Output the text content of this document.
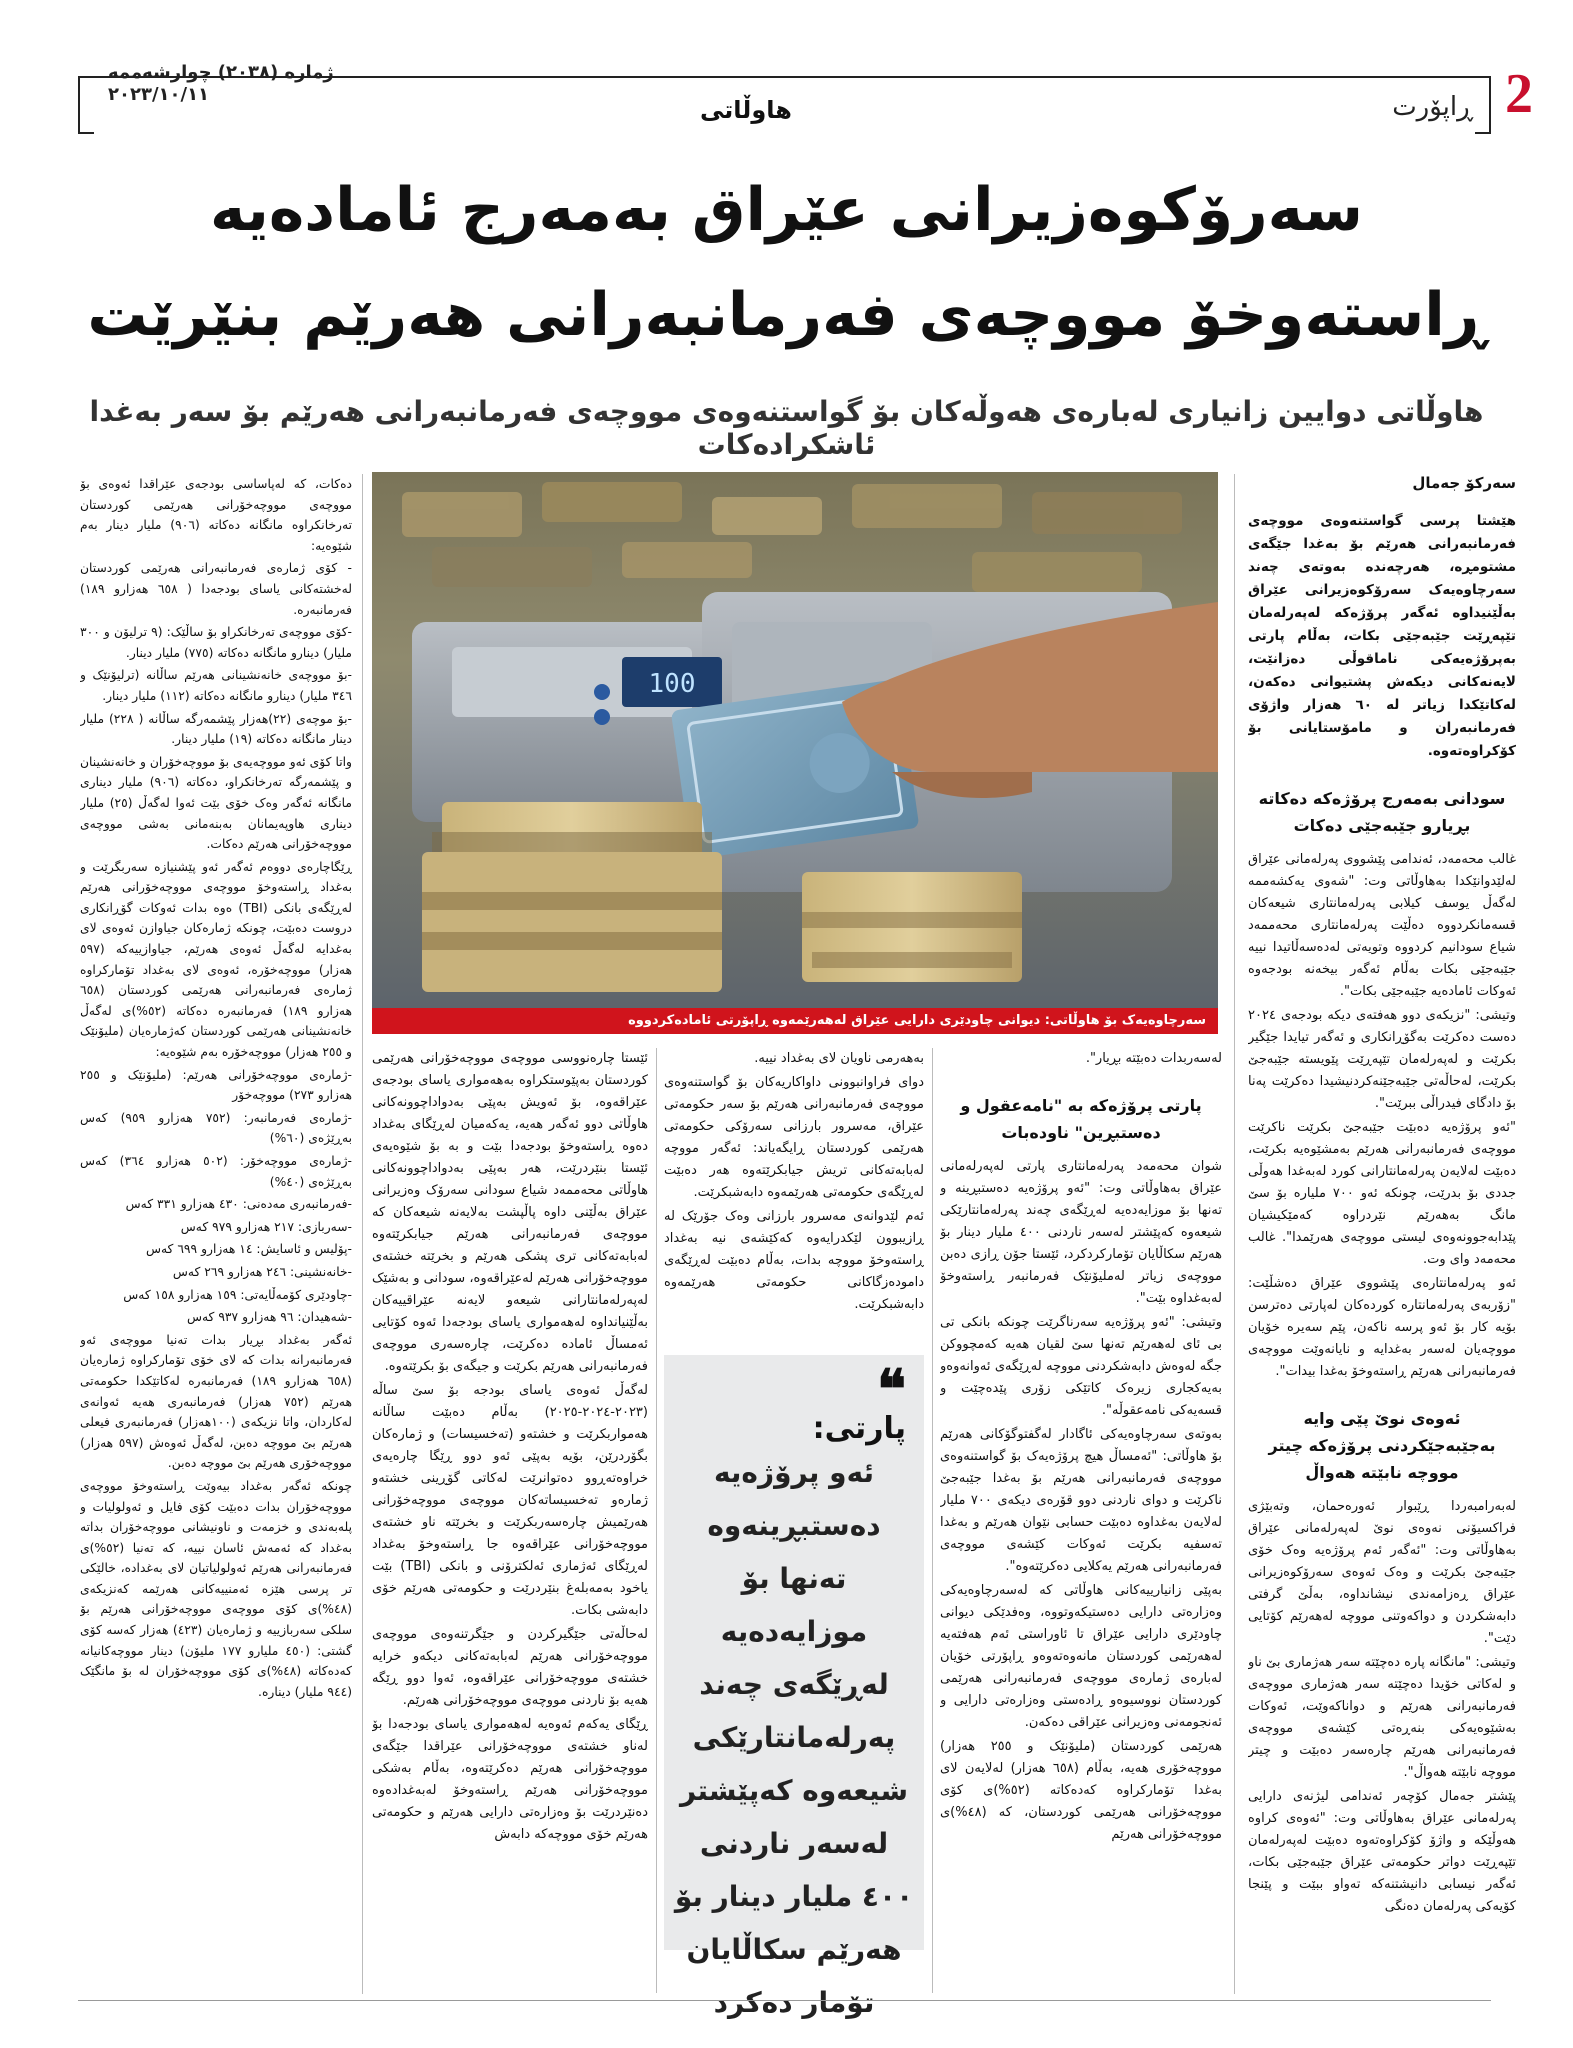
2
ڕاپۆرت
هاوڵاتی
ژمارە (٢٠٣٨) چوارشەممە
٢٠٢٣/١٠/١١
سەرۆکوەزیرانی عێراق بەمەرج ئامادەیە
ڕاستەوخۆ مووچەی فەرمانبەرانی هەرێم بنێرێت
هاوڵاتی دوایین زانیاری لەبارەی هەوڵەکان بۆ گواستنەوەی مووچەی فەرمانبەرانی هەرێم بۆ سەر بەغدا ئاشکرادەکات
100
سەرچاوەیەک بۆ هاوڵاتی: دیوانی چاودێری دارایی عێراق لەهەرێمەوە ڕاپۆرتی ئامادەکردووە
سەرکۆ جەمال

هێشتا پرسی گواستنەوەی مووچەی فەرمانبەرانی هەرێم بۆ بەغدا جێگەی مشتومڕە، هەرچەندە بەوتەی چەند سەرچاوەیەک سەرۆکوەزیرانی عێراق بەڵێنیداوە ئەگەر پرۆژەکە لەپەرلەمان تێپەڕێت جێبەجێی بکات، بەڵام پارتی بەپرۆژەیەکی ناماقوڵی دەزانێت، لایەنەکانی دیکەش پشتیوانی دەکەن، لەکاتێکدا زیاتر لە ٦٠ هەزار واژۆی فەرمانبەران و مامۆستایانی بۆ کۆکراوەتەوە.

سودانی بەمەرج پرۆژەکە دەکاتە بڕیارو جێبەجێی دەکات

غالب محەمەد، ئەندامی پێشووی پەرلەمانی عێراق لەلێدوانێکدا بەهاوڵاتی وت: "شەوی یەکشەممە لەگەڵ یوسف کیلابی پەرلەمانتاری شیعەکان قسەمانکردووە دەڵێت پەرلەمانتاری محەممەد شیاع سودانیم کردووە وتویەتی لەدەسەڵاتیدا نییە جێبەجێی بکات بەڵام ئەگەر بیخەنە بودجەوە ئەوکات ئامادەیە جێبەجێی بکات".

وتیشی: "نزیکەی دوو هەفتەی دیکە بودجەی ٢٠٢٤ دەست دەکرێت بەگۆڕانکاری و ئەگەر تیایدا جێگیر بکرێت و لەپەرلەمان تێپەڕێت پێویستە جێبەجێ بکرێت، لەحاڵەتی جێبەجێنەکردنیشیدا دەکرێت پەنا بۆ دادگای فیدراڵی ببرێت".

"ئەو پرۆژەیە دەبێت جێبەجێ بکرێت ناکرێت مووچەی فەرمانبەرانی هەرێم بەمشێوەیە بکرێت، دەبێت لەلایەن پەرلەمانتارانی کورد لەبەغدا هەوڵی جددی بۆ بدرێت، چونکە ئەو ٧٠٠ ملیارە بۆ سێ مانگ بەهەرێم نێردراوە کەمێکیشیان پێدابەجوونەوەی لیستی مووچەی هەرێمدا". غالب محەمەد وای وت.

ئەو پەرلەمانتارەی پێشووی عێراق دەشڵێت: "زۆربەی پەرلەمانتارە کوردەکان لەپارتی دەترسن بۆیە کار بۆ ئەو پرسە ناکەن، پێم سەیرە خۆیان مووچەیان لەسەر بەغدایە و نایانەوێت مووچەی فەرمانبەرانی هەرێم ڕاستەوخۆ بەغدا بیدات".

ئەوەی نوێ پێی وایە بەجێبەجێکردنی پرۆژەکە چیتر مووچە نابێتە هەواڵ

لەبەرامبەردا ڕێبوار ئەورەحمان، وتەبێژی فراکسیۆنی نەوەی نوێ لەپەرلەمانی عێراق بەهاوڵاتی وت: "ئەگەر ئەم پرۆژەیە وەک خۆی جێبەجێ بکرێت و وەک ئەوەی سەرۆکوەزیرانی عێراق ڕەزامەندی نیشانداوە، بەڵێ گرفتی دابەشکردن و دواکەوتنی مووچە لەهەرێم کۆتایی دێت".

وتیشی: "مانگانە پارە دەچێتە سەر هەژماری بێ ناو و لەکاتی خۆیدا دەچێتە سەر هەژماری مووچەی فەرمانبەرانی هەرێم و دواناکەوێت، ئەوکات بەشێوەیەکی بنەڕەتی کێشەی مووچەی فەرمانبەرانی هەرێم چارەسەر دەبێت و چیتر مووچە نابێتە هەواڵ".

پێشتر جەمال کۆچەر ئەندامی لیژنەی دارایی پەرلەمانی عێراق بەهاوڵاتی وت: "ئەوەی کراوە هەوڵێکە و واژۆ کۆکراوەتەوە دەبێت لەپەرلەمان تێپەڕێت دواتر حکومەتی عێراق جێبەجێی بکات، ئەگەر نیسابی دانیشتنەکە تەواو ببێت و پێنجا کۆیەکی پەرلەمان دەنگی

لەسەربدات دەبێتە بڕیار".

پارتی پرۆژەکە بە "نامەعقول و دەستبڕین" ناودەبات

شوان محەمەد پەرلەمانتاری پارتی لەپەرلەمانی عێراق بەهاوڵاتی وت: "ئەو پرۆژەیە دەستبڕینە و تەنها بۆ موزایەدەیە لەڕێگەی چەند پەرلەمانتارێکی شیعەوە کەپێشتر لەسەر ناردنی ٤٠٠ ملیار دینار بۆ هەرێم سکاڵایان تۆمارکردکرد، ئێستا جۆن ڕازی دەبن مووچەی زیاتر لەملیۆنێک فەرمانبەر ڕاستەوخۆ لەبەغداوە بێت".

وتیشی: "ئەو پرۆژەیە سەرناگرێت چونکە بانکی تی بی ئای لەهەرێم تەنها سێ لقیان هەیە کەمچووکن جگە لەوەش دابەشکردنی مووچە لەڕێگەی ئەوانەوەو بەیەکجاری زیرەک کاتێکی زۆری پێدەچێت و قسەیەکی نامەعقوڵە".

بەوتەی سەرچاوەیەکی ئاگادار لەگفتوگۆکانی هەرێم بۆ هاوڵاتی: "ئەمساڵ هیچ پرۆژەیەک بۆ گواستنەوەی مووچەی فەرمانبەرانی هەرێم بۆ بەغدا جێبەجێ ناکرێت و دوای ناردنی دوو قۆرەی دیکەی ٧٠٠ ملیار لەلایەن بەغداوە دەبێت حسابی نێوان هەرێم و بەغدا تەسفیە بکرێت ئەوکات کێشەی مووچەی فەرمانبەرانی هەرێم یەکلایی دەکرێتەوە".

بەپێی زانیارییەکانی هاوڵاتی کە لەسەرچاوەیەکی وەزارەتی دارایی دەستیکەوتووە، وەفدێکی دیوانی چاودێری دارایی عێراق تا ئاوراستی ئەم هەفتەیە لەهەرێمی کوردستان مانەوەتەوەو ڕاپۆرتی خۆیان لەبارەی ژمارەی مووچەی فەرمانبەرانی هەرێمی کوردستان نووسیوەو ڕادەستی وەزارەتی دارایی و ئەنجومەنی وەزیرانی عێراقی دەکەن.

هەرێمی کوردستان (ملیۆنێک و ٢٥٥ هەزار) مووچەخۆری هەیە، بەڵام (٦٥٨ هەزار) لەلایەن لای بەغدا تۆمارکراوە کەدەکاتە (٥٢%)ی کۆی مووچەخۆرانی هەرێمی کوردستان، کە (٤٨%)ی مووچەخۆرانی هەرێم

بەهەرمی ناویان لای بەغداد نییە.

دوای فراوانبوونی داواکاریەکان بۆ گواستنەوەی مووچەی فەرمانبەرانی هەرێم بۆ سەر حکومەتی عێراق، مەسرور بارزانی سەرۆکی حکومەتی هەرێمی کوردستان ڕایگەیاند: ئەگەر مووچە لەبابەتەکانی تریش جیابکرێتەوە هەر دەبێت لەڕێگەی حکومەتی هەرێمەوە دابەشبکرێت.

ئەم لێدوانەی مەسرور بارزانی وەک جۆرێک لە ڕازیبوون لێکدرایەوە کەکێشەی نیە بەغداد ڕاستەوخۆ مووچە بدات، بەڵام دەبێت لەڕێگەی دامودەزگاکانی حکومەتی هەرێمەوە دابەشبکرێت.

❝
پارتی:
ئەو پرۆژەیە دەستبڕینەوە تەنها بۆ موزایەدەیە لەڕێگەی چەند پەرلەمانتارێکی شیعەوە کەپێشتر لەسەر ناردنی ٤٠٠ ملیار دینار بۆ هەرێم سکاڵایان تۆمار دەکرد

ئێستا چارەنووسی مووچەی مووچەخۆرانی هەرێمی کوردستان بەپێوستکراوە بەهەمواری یاسای بودجەی عێراقەوە، بۆ ئەویش بەپێی بەدواداچوونەکانی هاوڵاتی دوو ئەگەر هەیە، یەکەمیان لەڕێگای بەغداد دەوە ڕاستەوخۆ بودجەدا بێت و بە بۆ شێوەیەی ئێستا بنێردرێت، هەر بەپێی بەدواداچوونەکانی هاوڵاتی محەممەد شیاع سودانی سەرۆک وەزیرانی عێراق بەڵێنی داوە پاڵپشت بەلایەنە شیعەکان کە مووچەی فەرمانبەرانی هەرێم جیابکرێتەوە لەبابەتەکانی تری پشکی هەرێم و بخرێتە خشتەی مووچەخۆرانی هەرێم لەعێراقەوە، سودانی و بەشێک لەپەرلەمانتارانی شیعەو لایەنە عێراقییەکان بەڵێنیانداوە لەهەمواری یاسای بودجەدا ئەوە کۆتایی ئەمساڵ ئامادە دەکرێت، چارەسەری مووچەی فەرمانبەرانی هەرێم بکرێت و جیگەی بۆ بکرێتەوە.

لەگەڵ ئەوەی یاسای بودجە بۆ سێ ساڵە (٢٠٢٣-٢٠٢٤-٢٠٢٥) بەڵام دەبێت ساڵانە هەمواربکرێت و خشتەو (تەخسیسات) و ژمارەکان بگۆردرێن، بۆیە بەپێی ئەو دوو ڕێگا چارەیەی خراوەتەڕوو دەتوانرێت لەکاتی گۆڕینی خشتەو ژمارەو تەخسیساتەکان مووچەی مووچەخۆرانی هەرێمیش چارەسەربکرێت و بخرێتە ناو خشتەی مووچەخۆرانی عێراقەوە جا ڕاستەوخۆ بەغداد لەڕێگای ئەژماری ئەلکترۆنی و بانکی (TBI) بێت یاخود بەمەبلەغ بنێردرێت و حکومەتی هەرێم خۆی دابەشی بکات.

لەحاڵەتی جێگیرکردن و جێگرتنەوەی مووچەی مووچەخۆرانی هەرێم لەبابەتەکانی دیکەو خرایە خشتەی مووچەخۆرانی عێراقەوە، ئەوا دوو ڕێگە هەیە بۆ ناردنی مووچەی مووچەخۆرانی هەرێم.

ڕێگای یەکەم ئەوەیە لەهەمواری یاسای بودجەدا بۆ لەناو خشتەی مووچەخۆرانی عێراقدا جێگەی مووچەخۆرانی هەرێم دەکرێتەوە، بەڵام بەشکی مووچەخۆرانی هەرێم ڕاستەوخۆ لەبەغدادەوە دەنێردرێت بۆ وەزارەتی دارایی هەرێم و حکومەتی هەرێم خۆی مووچەکە دابەش

دەکات، کە لەپاساسی بودجەی عێراقدا ئەوەی بۆ مووچەی مووچەخۆرانی هەرێمی کوردستان تەرخانکراوە مانگانە دەکاتە (٩٠٦) ملیار دینار بەم شێوەیە:

- کۆی ژمارەی فەرمانبەرانی هەرێمی کوردستان لەخشتەکانی یاسای بودجەدا ( ٦٥٨ هەزارو ١٨٩) فەرمانبەرە.

-کۆی مووچەی تەرخانکراو بۆ ساڵێک: (٩ ترلیۆن و ٣٠٠ ملیار) دینارو مانگانە دەکاتە (٧٧٥) ملیار دینار.

-بۆ مووچەی خانەنشینانی هەرێم ساڵانە (ترلیۆنێک و ٣٤٦ ملیار) دینارو مانگانە دەکاتە (١١٢) ملیار دینار.

-بۆ موچەی (٢٢)هەزار پێشمەرگە ساڵانە ( ٢٢٨) ملیار دینار مانگانە دەکاتە (١٩) ملیار دینار.

واتا کۆی ئەو مووچەیەی بۆ مووچەخۆران و خانەنشینان و پێشمەرگە تەرخانکراو، دەکاتە (٩٠٦) ملیار دیناری مانگانە ئەگەر وەک خۆی بێت ئەوا لەگەڵ (٢٥) ملیار دیناری هاوپەیمانان بەبنەمانی بەشی مووچەی مووچەخۆرانی هەرێم دەکات.

ڕێگاچارەی دووەم ئەگەر ئەو پێشنیازە سەربگرێت و بەغداد ڕاستەوخۆ مووچەی مووچەخۆرانی هەرێم لەڕێگەی بانکی (TBI) ەوە بدات ئەوکات گۆڕانکاری دروست دەبێت، چونکە ژمارەکان جیاوازن ئەوەی لای بەغدایە لەگەڵ ئەوەی هەرێم، جیاوازییەکە (٥٩٧ هەزار) مووچەخۆرە، ئەوەی لای بەغداد تۆمارکراوە ژمارەی فەرمانبەرانی هەرێمی کوردستان (٦٥٨ هەزارو ١٨٩) فەرمانبەرە دەکاتە (٥٢%)ی لەگەڵ خانەنشینانی هەرێمی کوردستان کەژمارەیان (ملیۆنێک و ٢٥٥ هەزار) مووچەخۆرە بەم شێوەیە:

-ژمارەی مووچەخۆرانی هەرێم: (ملیۆنێک و ٢٥٥ هەزارو ٢٧٣) مووچەخۆر

-ژمارەی فەرمانبەر: (٧٥٢ هەزارو ٩٥٩) کەس بەڕێژەی (٦٠%)

-ژمارەی مووچەخۆر: (٥٠٢ هەزارو ٣٦٤) کەس بەڕێژەی (٤٠%)

-فەرمانبەری مەدەنی: ٤٣٠ هەزارو ٣٣١ کەس

-سەربازی: ٢١٧ هەزارو ٩٧٩ کەس

-پۆلیس و ئاسایش: ١٤ هەزارو ٦٩٩ کەس

-خانەنشینی: ٢٤٦ هەزارو ٢٦٩ کەس

-چاودێری کۆمەڵایەتی: ١٥٩ هەزارو ١٥٨ کەس

-شەهیدان: ٩٦ هەزارو ٩٣٧ کەس

ئەگەر بەغداد بڕیار بدات تەنیا مووچەی ئەو فەرمانبەرانە بدات کە لای خۆی تۆمارکراوە ژمارەیان (٦٥٨ هەزارو ١٨٩) فەرمانبەرە لەکاتێکدا حکومەتی هەرێم (٧٥٢ هەزار) فەرمانبەری هەیە ئەوانەی لەکاردان، واتا نزیکەی (١٠٠هەزار) فەرمانبەری فیعلی هەرێم بێ مووچە دەبن، لەگەڵ ئەوەش (٥٩٧ هەزار) مووچەخۆری هەرێم بێ مووچە دەبن.

چونکە ئەگەر بەغداد بیەوێت ڕاستەوخۆ مووچەی مووچەخۆران بدات دەبێت کۆی فایل و ئەولولیات و پلەبەندی و خزمەت و ناونیشانی مووچەخۆران بداتە بەغداد کە ئەمەش ئاسان نییە، کە تەنیا (٥٢%)ی فەرمانبەرانی هەرێم ئەولولیاتیان لای بەغدادە، خالێکی تر پرسی هێزە ئەمنییەکانی هەرێمە کەنزیکەی (٤٨%)ی کۆی مووچەی مووچەخۆرانی هەرێم بۆ سلکی سەربازییە و ژمارەیان (٤٢٣) هەزار کەسە کۆی گشتی: (٤٥٠ ملیارو ١٧٧ ملیۆن) دینار مووچەکانیانە کەدەکاتە (٤٨%)ی کۆی مووچەخۆران لە بۆ مانگێک (٩٤٤ ملیار) دینارە.
